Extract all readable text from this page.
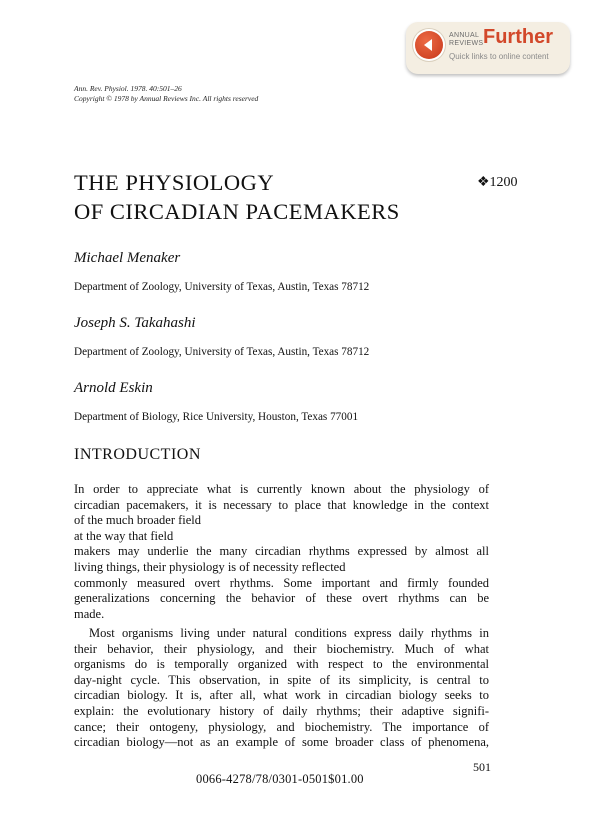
ANNUAL
REVIEWS Further
Quick links to online content
Ann. Rev. Physiol. 1978. 40:501–26
Copyright © 1978 by Annual Reviews Inc. All rights reserved
THE PHYSIOLOGY
OF CIRCADIAN PACEMAKERS
❖1200
Michael Menaker
Department of Zoology, University of Texas, Austin, Texas 78712
Joseph S. Takahashi
Department of Zoology, University of Texas, Austin, Texas 78712
Arnold Eskin
Department of Biology, Rice University, Houston, Texas 77001
INTRODUCTION
In order to appreciate what is currently known about the physiology of
circadian pacemakers, it is necessary to place that knowledge in the context
of the much broader field
at the way that field
makers may underlie the many circadian rhythms expressed by almost all
living things, their physiology is of necessity reflected
commonly measured overt rhythms. Some important and firmly founded
generalizations concerning the behavior of these overt rhythms can be
made.
Most organisms living under natural conditions express daily rhythms in
their behavior, their physiology, and their biochemistry. Much of what
organisms do is temporally organized with respect to the environmental
day-night cycle. This observation, in spite of its simplicity, is central to
circadian biology. It is, after all, what work in circadian biology seeks to
explain: the evolutionary history of daily rhythms; their adaptive signifi-
cance; their ontogeny, physiology, and biochemistry. The importance of
circadian biology—not as an example of some broader class of phenomena,
501
0066-4278/78/0301-0501$01.00
